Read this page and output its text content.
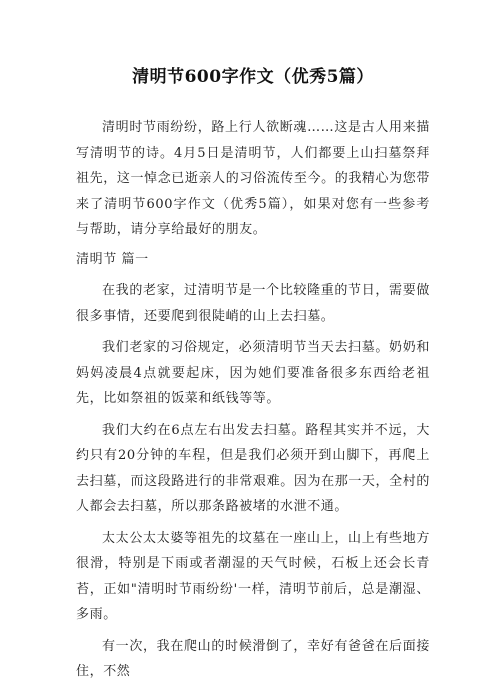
清明节600字作文（优秀5篇）

清明时节雨纷纷，路上行人欲断魂……这是古人用来描写清明节的诗。4月5日是清明节，人们都要上山扫墓祭拜祖先，这一悼念已逝亲人的习俗流传至今。的我精心为您带来了清明节600字作文（优秀5篇），如果对您有一些参考与帮助，请分享给最好的朋友。

清明节 篇一

在我的老家，过清明节是一个比较隆重的节日，需要做很多事情，还要爬到很陡峭的山上去扫墓。

我们老家的习俗规定，必须清明节当天去扫墓。奶奶和妈妈凌晨4点就要起床，因为她们要准备很多东西给老祖先，比如祭祖的饭菜和纸钱等等。

我们大约在6点左右出发去扫墓。路程其实并不远，大约只有20分钟的车程，但是我们必须开到山脚下，再爬上去扫墓，而这段路进行的非常艰难。因为在那一天，全村的人都会去扫墓，所以那条路被堵的水泄不通。

太太公太太婆等祖先的坟墓在一座山上，山上有些地方很滑，特别是下雨或者潮湿的天气时候，石板上还会长青苔，正如"清明时节雨纷纷'一样，清明节前后，总是潮湿、多雨。

有一次，我在爬山的时候滑倒了，幸好有爸爸在后面接住，不然
